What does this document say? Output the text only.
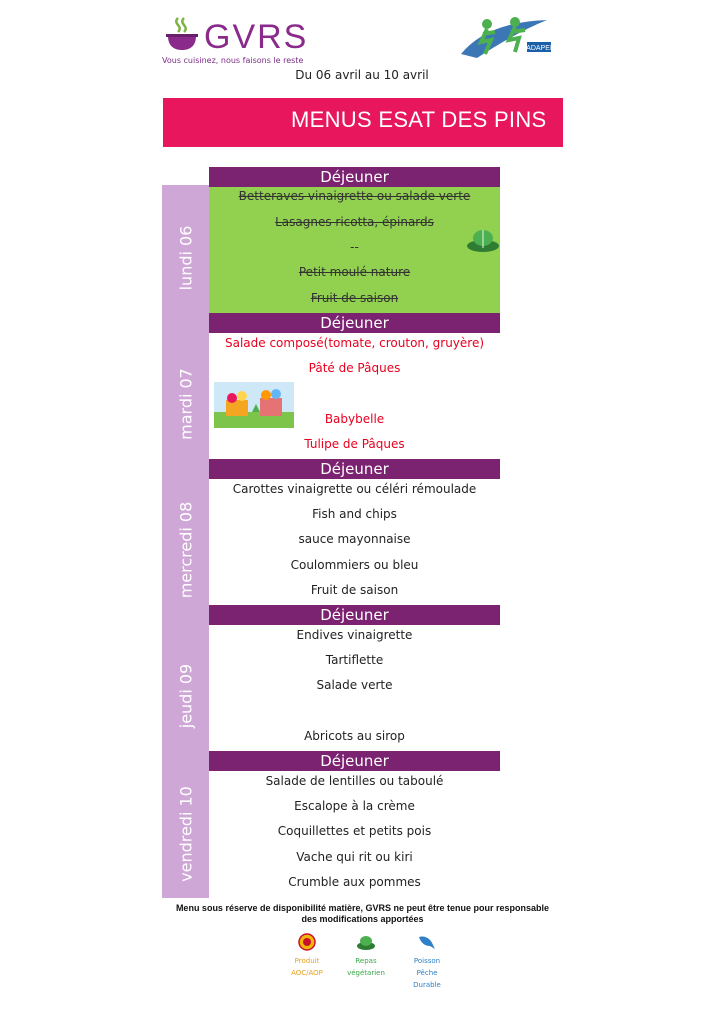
GVRS
Vous cuisinez, nous faisons le reste
ADAPEI
Du 06 avril au 10 avril
MENUS ESAT DES PINS
lundi 06
mardi 07
mercredi 08
jeudi 09
vendredi 10
Déjeuner
Betteraves vinaigrette ou salade verte
Lasagnes ricotta, épinards
--
Petit moulé nature
Fruit de saison
Déjeuner
Salade composé(tomate, crouton, gruyère)
Pâté de Pâques
Babybelle
Tulipe de Pâques
Déjeuner
Carottes vinaigrette ou céléri rémoulade
Fish and chips
sauce mayonnaise
Coulommiers ou bleu
Fruit de saison
Déjeuner
Endives vinaigrette
Tartiflette
Salade verte
Abricots au sirop
Déjeuner
Salade de lentilles ou taboulé
Escalope à la crème
Coquillettes et petits pois
Vache qui rit ou kiri
Crumble aux pommes
Menu sous réserve de disponibilité matière, GVRS ne peut être tenue pour responsable
des modifications apportées
Produit
AOC/AOP
Repas
végétarien
Poisson
Pêche
Durable
